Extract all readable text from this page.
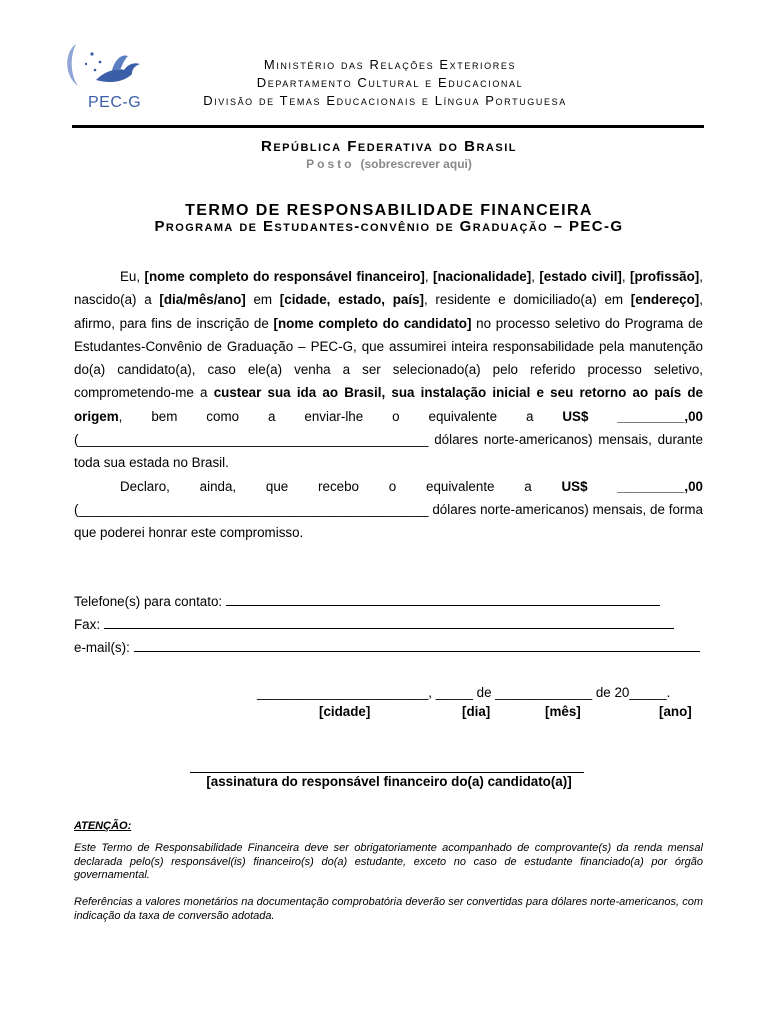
PEC-G
Ministério das Relações Exteriores
Departamento Cultural e Educacional
Divisão de Temas Educacionais e Língua Portuguesa
República Federativa do Brasil
Posto (sobrescrever aqui)
TERMO DE RESPONSABILIDADE FINANCEIRA
Programa de Estudantes-convênio de Graduação – PEC-G

Eu, [nome completo do responsável financeiro], [nacionalidade], [estado civil], [profissão], nascido(a) a [dia/mês/ano] em [cidade, estado, país], residente e domiciliado(a) em [endereço], afirmo, para fins de inscrição de [nome completo do candidato] no processo seletivo do Programa de Estudantes-Convênio de Graduação – PEC-G, que assumirei inteira responsabilidade pela manutenção do(a) candidato(a), caso ele(a) venha a ser selecionado(a) pelo referido processo seletivo, comprometendo-me a custear sua ida ao Brasil, sua instalação inicial e seu retorno ao país de origem, bem como a enviar-lhe o equivalente a US$ _________,00 (_______________________________________________ dólares norte-americanos) mensais, durante toda sua estada no Brasil.

Declaro, ainda, que recebo o equivalente a US$ _________,00 (_______________________________________________ dólares norte-americanos) mensais, de forma que poderei honrar este compromisso.

Telefone(s) para contato:
Fax:
e-mail(s):
_______________________, _____ de _____________ de 20_____.
[cidade]	[dia]	[mês]	[ano]
[assinatura do responsável financeiro do(a) candidato(a)]
ATENÇÃO:
Este Termo de Responsabilidade Financeira deve ser obrigatoriamente acompanhado de comprovante(s) da renda mensal declarada pelo(s) responsável(is) financeiro(s) do(a) estudante, exceto no caso de estudante financiado(a) por órgão governamental.
Referências a valores monetários na documentação comprobatória deverão ser convertidas para dólares norte-americanos, com indicação da taxa de conversão adotada.
